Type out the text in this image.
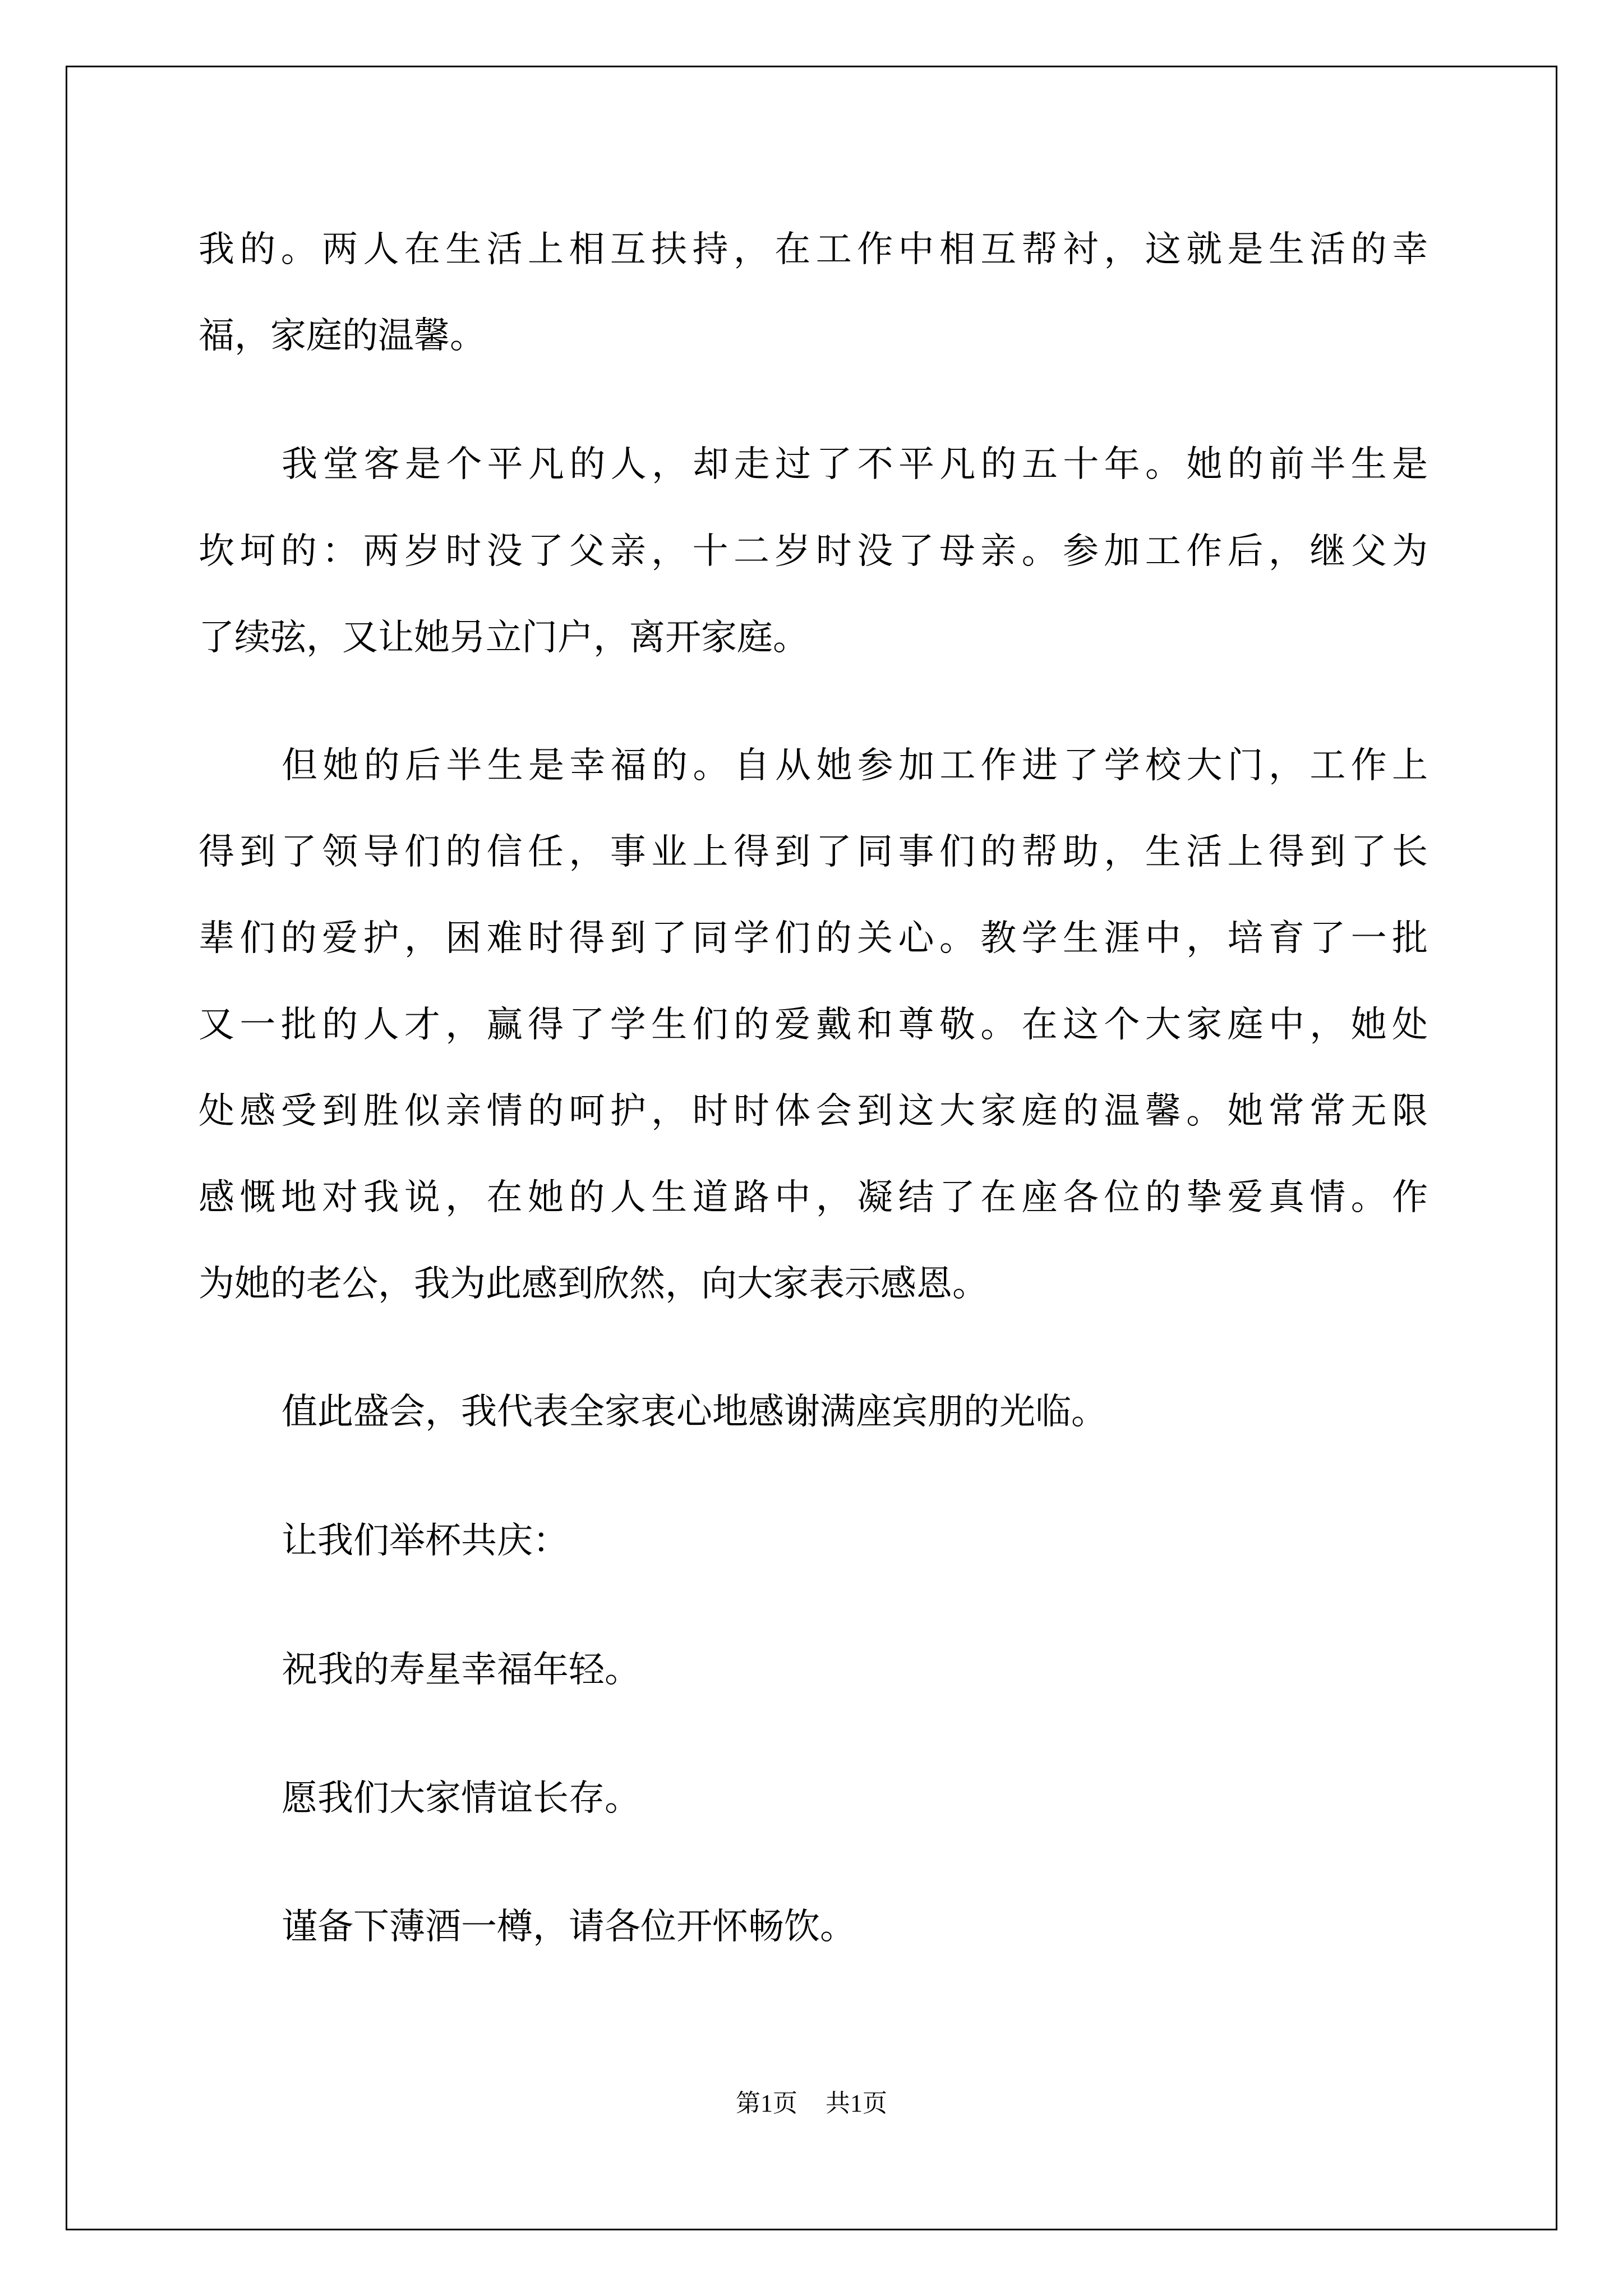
我的。两人在生活上相互扶持，在工作中相互帮衬，这就是生活的幸

福，家庭的温馨。

我堂客是个平凡的人，却走过了不平凡的五十年。她的前半生是

坎坷的：两岁时没了父亲，十二岁时没了母亲。参加工作后，继父为

了续弦，又让她另立门户，离开家庭。

但她的后半生是幸福的。自从她参加工作进了学校大门，工作上

得到了领导们的信任，事业上得到了同事们的帮助，生活上得到了长

辈们的爱护，困难时得到了同学们的关心。教学生涯中，培育了一批

又一批的人才，赢得了学生们的爱戴和尊敬。在这个大家庭中，她处

处感受到胜似亲情的呵护，时时体会到这大家庭的温馨。她常常无限

感慨地对我说，在她的人生道路中，凝结了在座各位的挚爱真情。作

为她的老公，我为此感到欣然，向大家表示感恩。

值此盛会，我代表全家衷心地感谢满座宾朋的光临。

让我们举杯共庆：

祝我的寿星幸福年轻。

愿我们大家情谊长存。

谨备下薄酒一樽，请各位开怀畅饮。

第1页 共1页
